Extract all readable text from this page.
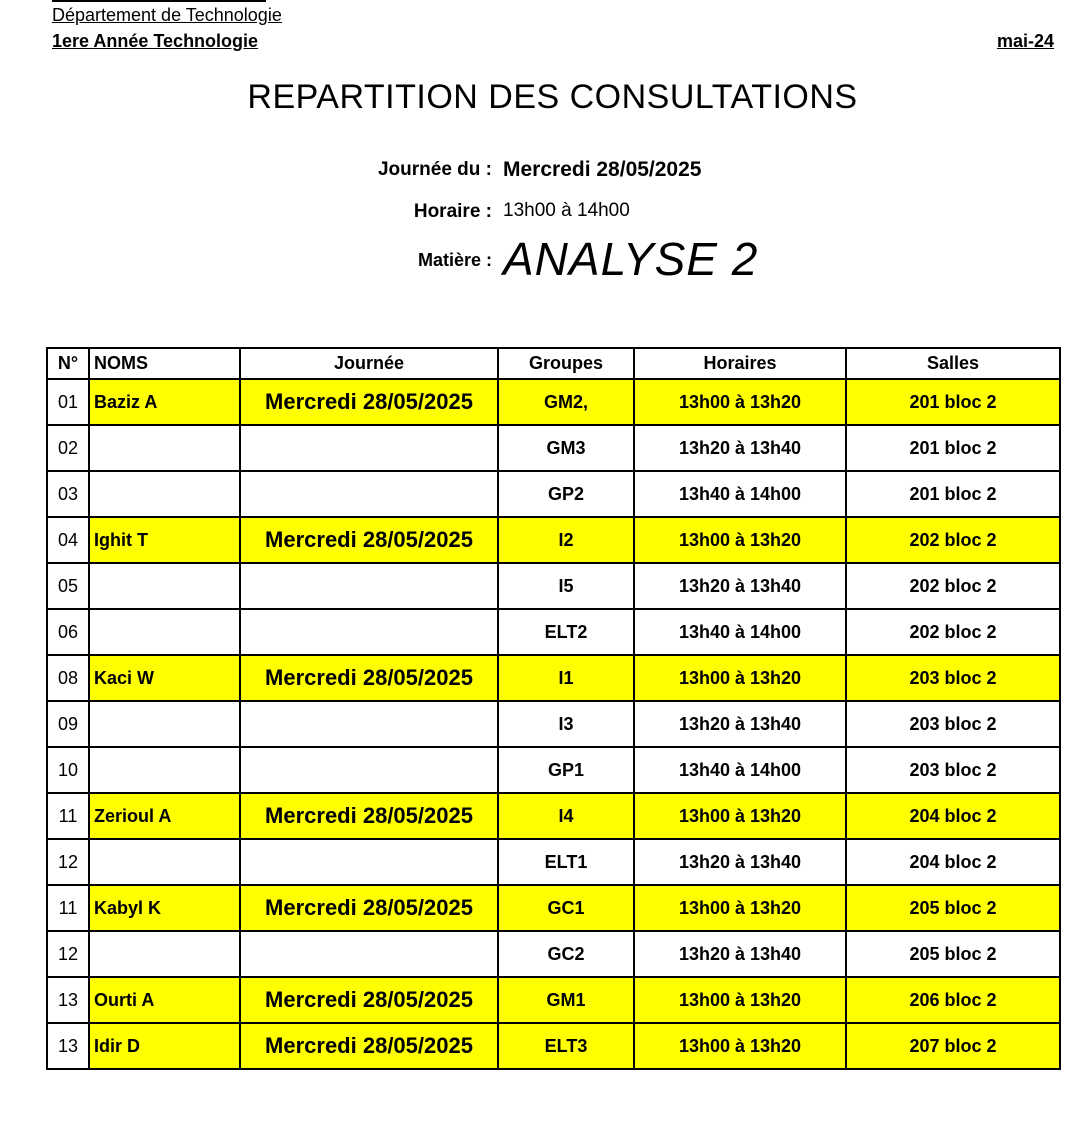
Département de Technologie
1ere Année Technologie	mai-24
REPARTITION DES CONSULTATIONS
Journée du : Mercredi 28/05/2025
Horaire : 13h00 à 14h00
Matière : ANALYSE 2
N°	NOMS	Journée	Groupes	Horaires	Salles
01	Baziz A	Mercredi 28/05/2025	GM2,	13h00 à 13h20	201 bloc 2
02			GM3	13h20 à 13h40	201 bloc 2
03			GP2	13h40 à 14h00	201 bloc 2
04	Ighit T	Mercredi 28/05/2025	I2	13h00 à 13h20	202 bloc 2
05			I5	13h20 à 13h40	202 bloc 2
06			ELT2	13h40 à 14h00	202 bloc 2
08	Kaci W	Mercredi 28/05/2025	I1	13h00 à 13h20	203 bloc 2
09			I3	13h20 à 13h40	203 bloc 2
10			GP1	13h40 à 14h00	203 bloc 2
11	Zerioul A	Mercredi 28/05/2025	I4	13h00 à 13h20	204 bloc 2
12			ELT1	13h20 à 13h40	204 bloc 2
11	Kabyl K	Mercredi 28/05/2025	GC1	13h00 à 13h20	205 bloc 2
12			GC2	13h20 à 13h40	205 bloc 2
13	Ourti A	Mercredi 28/05/2025	GM1	13h00 à 13h20	206 bloc 2
13	Idir D	Mercredi 28/05/2025	ELT3	13h00 à 13h20	207 bloc 2
